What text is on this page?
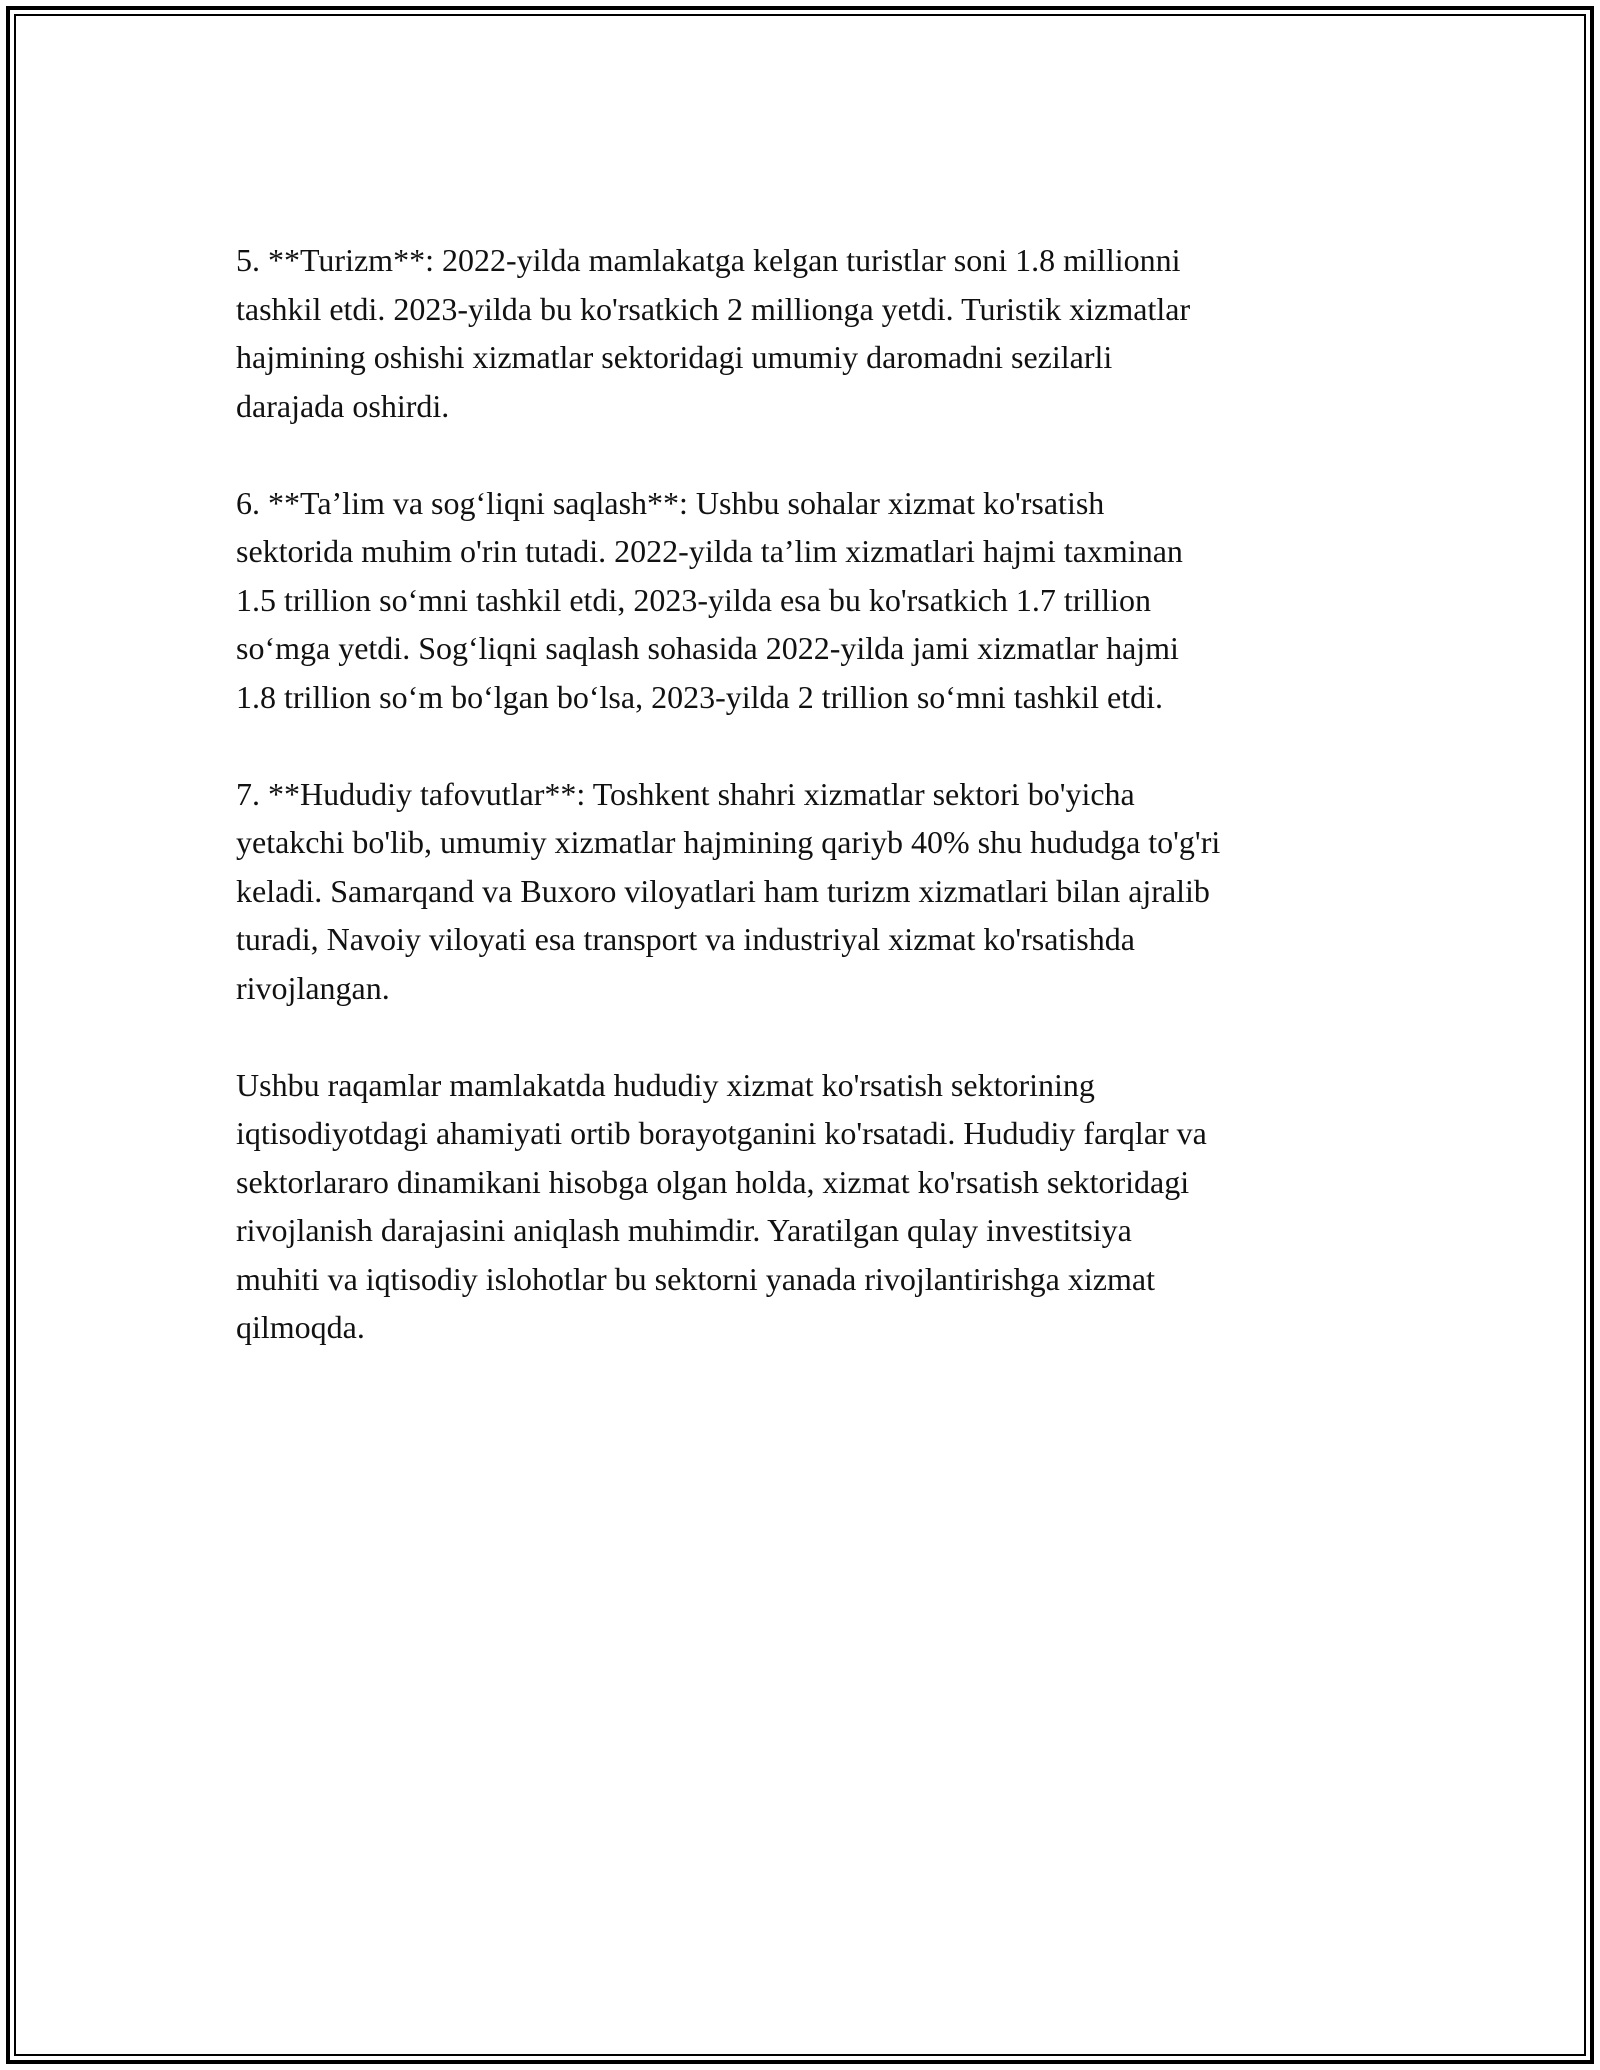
5. **Turizm**: 2022-yilda mamlakatga kelgan turistlar soni 1.8 millionni
tashkil etdi. 2023-yilda bu ko'rsatkich 2 millionga yetdi. Turistik xizmatlar
hajmining oshishi xizmatlar sektoridagi umumiy daromadni sezilarli
darajada oshirdi.

6. **Ta’lim va sog‘liqni saqlash**: Ushbu sohalar xizmat ko'rsatish
sektorida muhim o'rin tutadi. 2022-yilda ta’lim xizmatlari hajmi taxminan
1.5 trillion so‘mni tashkil etdi, 2023-yilda esa bu ko'rsatkich 1.7 trillion
so‘mga yetdi. Sog‘liqni saqlash sohasida 2022-yilda jami xizmatlar hajmi
1.8 trillion so‘m bo‘lgan bo‘lsa, 2023-yilda 2 trillion so‘mni tashkil etdi.

7. **Hududiy tafovutlar**: Toshkent shahri xizmatlar sektori bo'yicha
yetakchi bo'lib, umumiy xizmatlar hajmining qariyb 40% shu hududga to'g'ri
keladi. Samarqand va Buxoro viloyatlari ham turizm xizmatlari bilan ajralib
turadi, Navoiy viloyati esa transport va industriyal xizmat ko'rsatishda
rivojlangan.

Ushbu raqamlar mamlakatda hududiy xizmat ko'rsatish sektorining
iqtisodiyotdagi ahamiyati ortib borayotganini ko'rsatadi. Hududiy farqlar va
sektorlararo dinamikani hisobga olgan holda, xizmat ko'rsatish sektoridagi
rivojlanish darajasini aniqlash muhimdir. Yaratilgan qulay investitsiya
muhiti va iqtisodiy islohotlar bu sektorni yanada rivojlantirishga xizmat
qilmoqda.
